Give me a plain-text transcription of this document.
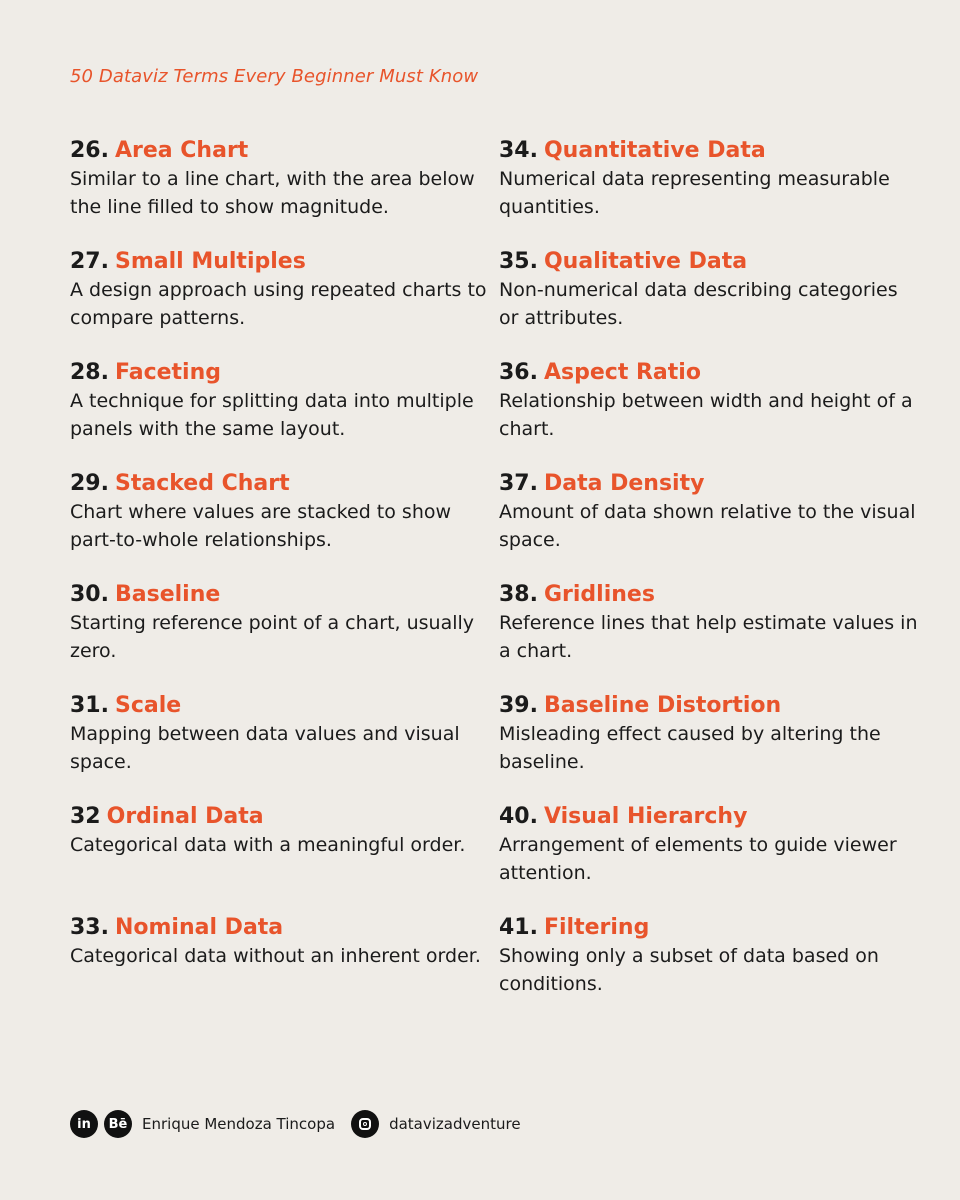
50 Dataviz Terms Every Beginner Must Know

26. Area Chart

Similar to a line chart, with the area below the line filled to show magnitude.

27. Small Multiples

A design approach using repeated charts to compare patterns.

28. Faceting

A technique for splitting data into multiple panels with the same layout.

29. Stacked Chart

Chart where values are stacked to show part-to-whole relationships.

30. Baseline

Starting reference point of a chart, usually zero.

31. Scale

Mapping between data values and visual space.

32 Ordinal Data

Categorical data with a meaningful order.

33. Nominal Data

Categorical data without an inherent order.

34. Quantitative Data

Numerical data representing measurable quantities.

35. Qualitative Data

Non-numerical data describing categories or attributes.

36. Aspect Ratio

Relationship between width and height of a chart.

37. Data Density

Amount of data shown relative to the visual space.

38. Gridlines

Reference lines that help estimate values in a chart.

39. Baseline Distortion

Misleading effect caused by altering the baseline.

40. Visual Hierarchy

Arrangement of elements to guide viewer attention.

41. Filtering

Showing only a subset of data based on conditions.

in	Bē Enrique Mendoza Tincopa	datavizadventure
